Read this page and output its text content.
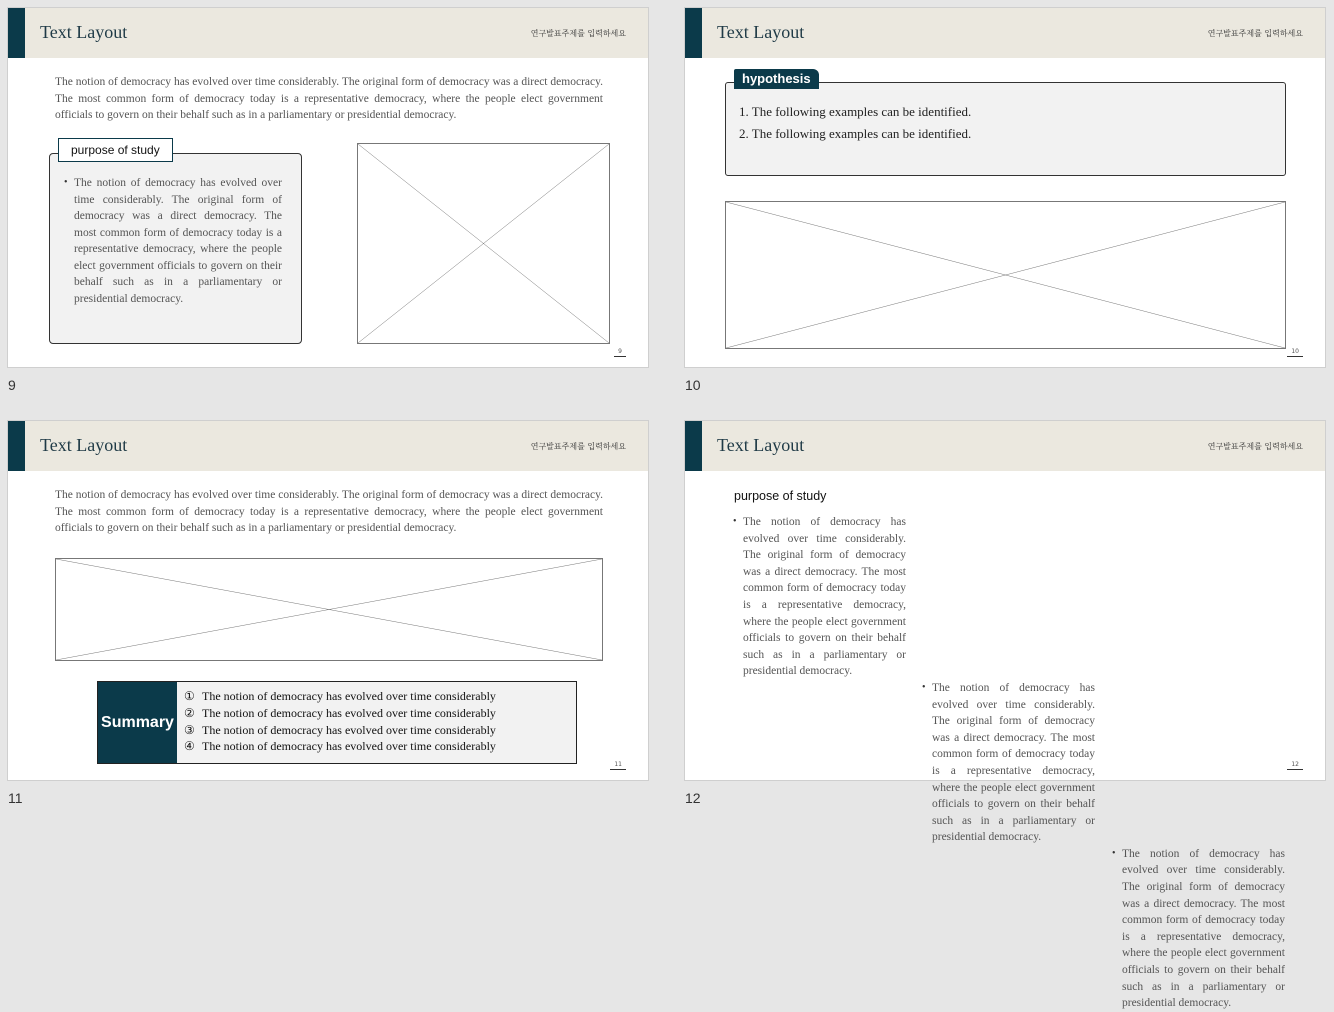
Text Layout	연구발표주제를 입력하세요
The notion of democracy has evolved over time considerably. The original form of democracy was a direct democracy. The most common form of democracy today is a representative democracy, where the people elect government officials to govern on their behalf such as in a parliamentary or presidential democracy.
• The notion of democracy has evolved over time considerably. The original form of democracy was a direct democracy. The most common form of democracy today is a representative democracy, where the people elect government officials to govern on their behalf such as in a parliamentary or presidential democracy.
purpose of study
9
9
Text Layout	연구발표주제를 입력하세요
1. The following examples can be identified.
2. The following examples can be identified.
hypothesis
10
10
Text Layout	연구발표주제를 입력하세요
The notion of democracy has evolved over time considerably. The original form of democracy was a direct democracy. The most common form of democracy today is a representative democracy, where the people elect government officials to govern on their behalf such as in a parliamentary or presidential democracy.
Summary
① The notion of democracy has evolved over time considerably
② The notion of democracy has evolved over time considerably
③ The notion of democracy has evolved over time considerably
④ The notion of democracy has evolved over time considerably
11
11
Text Layout	연구발표주제를 입력하세요
purpose of study
• The notion of democracy has evolved over time considerably. The original form of democracy was a direct democracy. The most common form of democracy today is a representative democracy, where the people elect government officials to govern on their behalf such as in a parliamentary or presidential democracy.
• The notion of democracy has evolved over time considerably. The original form of democracy was a direct democracy. The most common form of democracy today is a representative democracy, where the people elect government officials to govern on their behalf such as in a parliamentary or presidential democracy.
• The notion of democracy has evolved over time considerably. The original form of democracy was a direct democracy. The most common form of democracy today is a representative democracy, where the people elect government officials to govern on their behalf such as in a parliamentary or presidential democracy.
12
12
